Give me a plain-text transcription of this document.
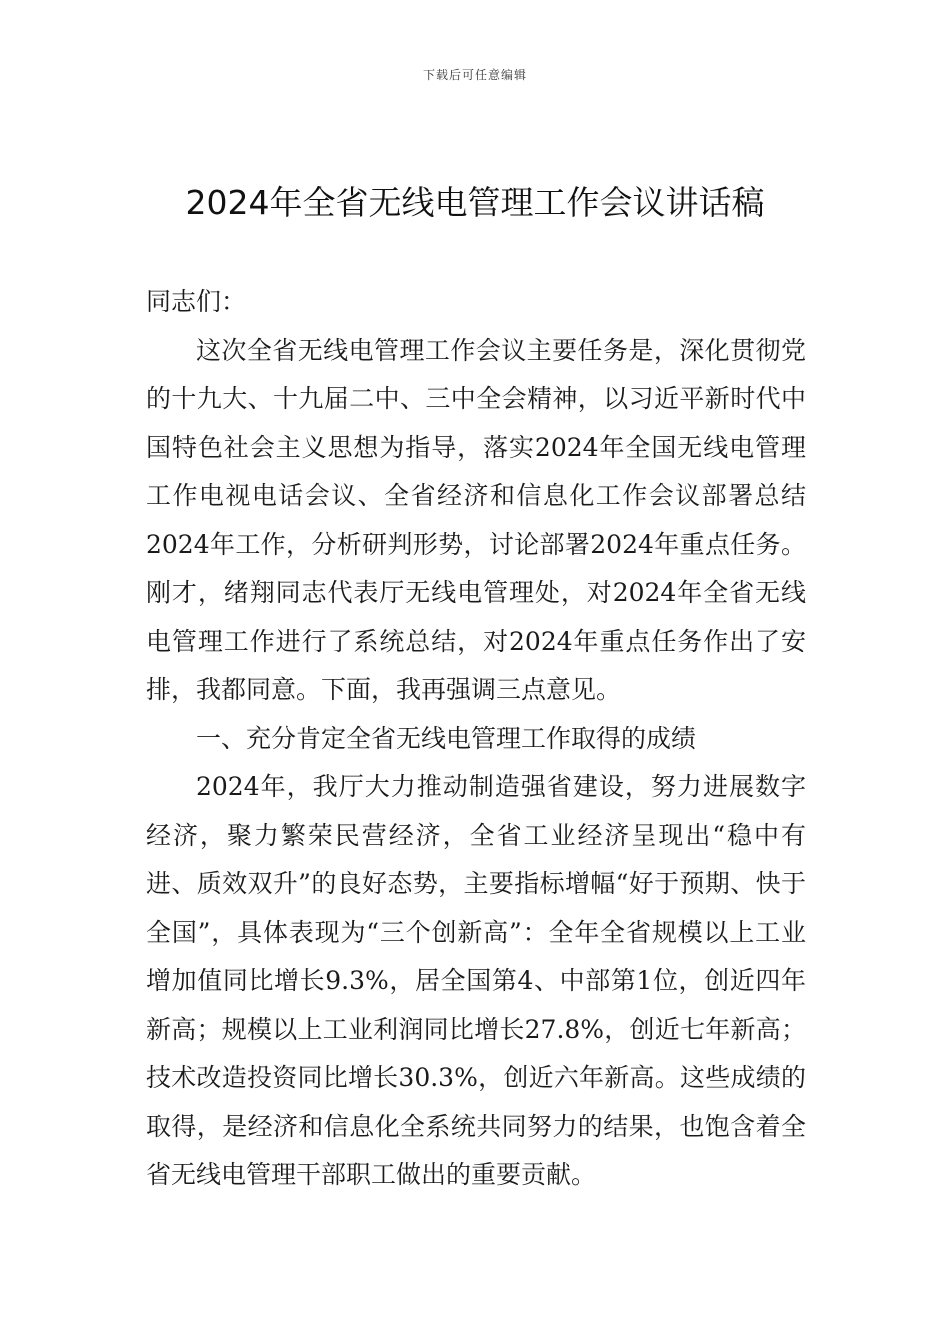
下载后可任意编辑
2024年全省无线电管理工作会议讲话稿

同志们：

这次全省无线电管理工作会议主要任务是，深化贯彻党的十九大、十九届二中、三中全会精神，以习近平新时代中国特色社会主义思想为指导，落实2024年全国无线电管理工作电视电话会议、全省经济和信息化工作会议部署总结2024年工作，分析研判形势，讨论部署2024年重点任务。刚才，绪翔同志代表厅无线电管理处，对2024年全省无线电管理工作进行了系统总结，对2024年重点任务作出了安排，我都同意。下面，我再强调三点意见。

一、充分肯定全省无线电管理工作取得的成绩

2024年，我厅大力推动制造强省建设，努力进展数字经济，聚力繁荣民营经济，全省工业经济呈现出“稳中有进、质效双升”的良好态势，主要指标增幅“好于预期、快于全国”，具体表现为“三个创新高”：全年全省规模以上工业增加值同比增长9.3%，居全国第4、中部第1位，创近四年新高；规模以上工业利润同比增长27.8%，创近七年新高；技术改造投资同比增长30.3%，创近六年新高。这些成绩的取得，是经济和信息化全系统共同努力的结果，也饱含着全省无线电管理干部职工做出的重要贡献。
